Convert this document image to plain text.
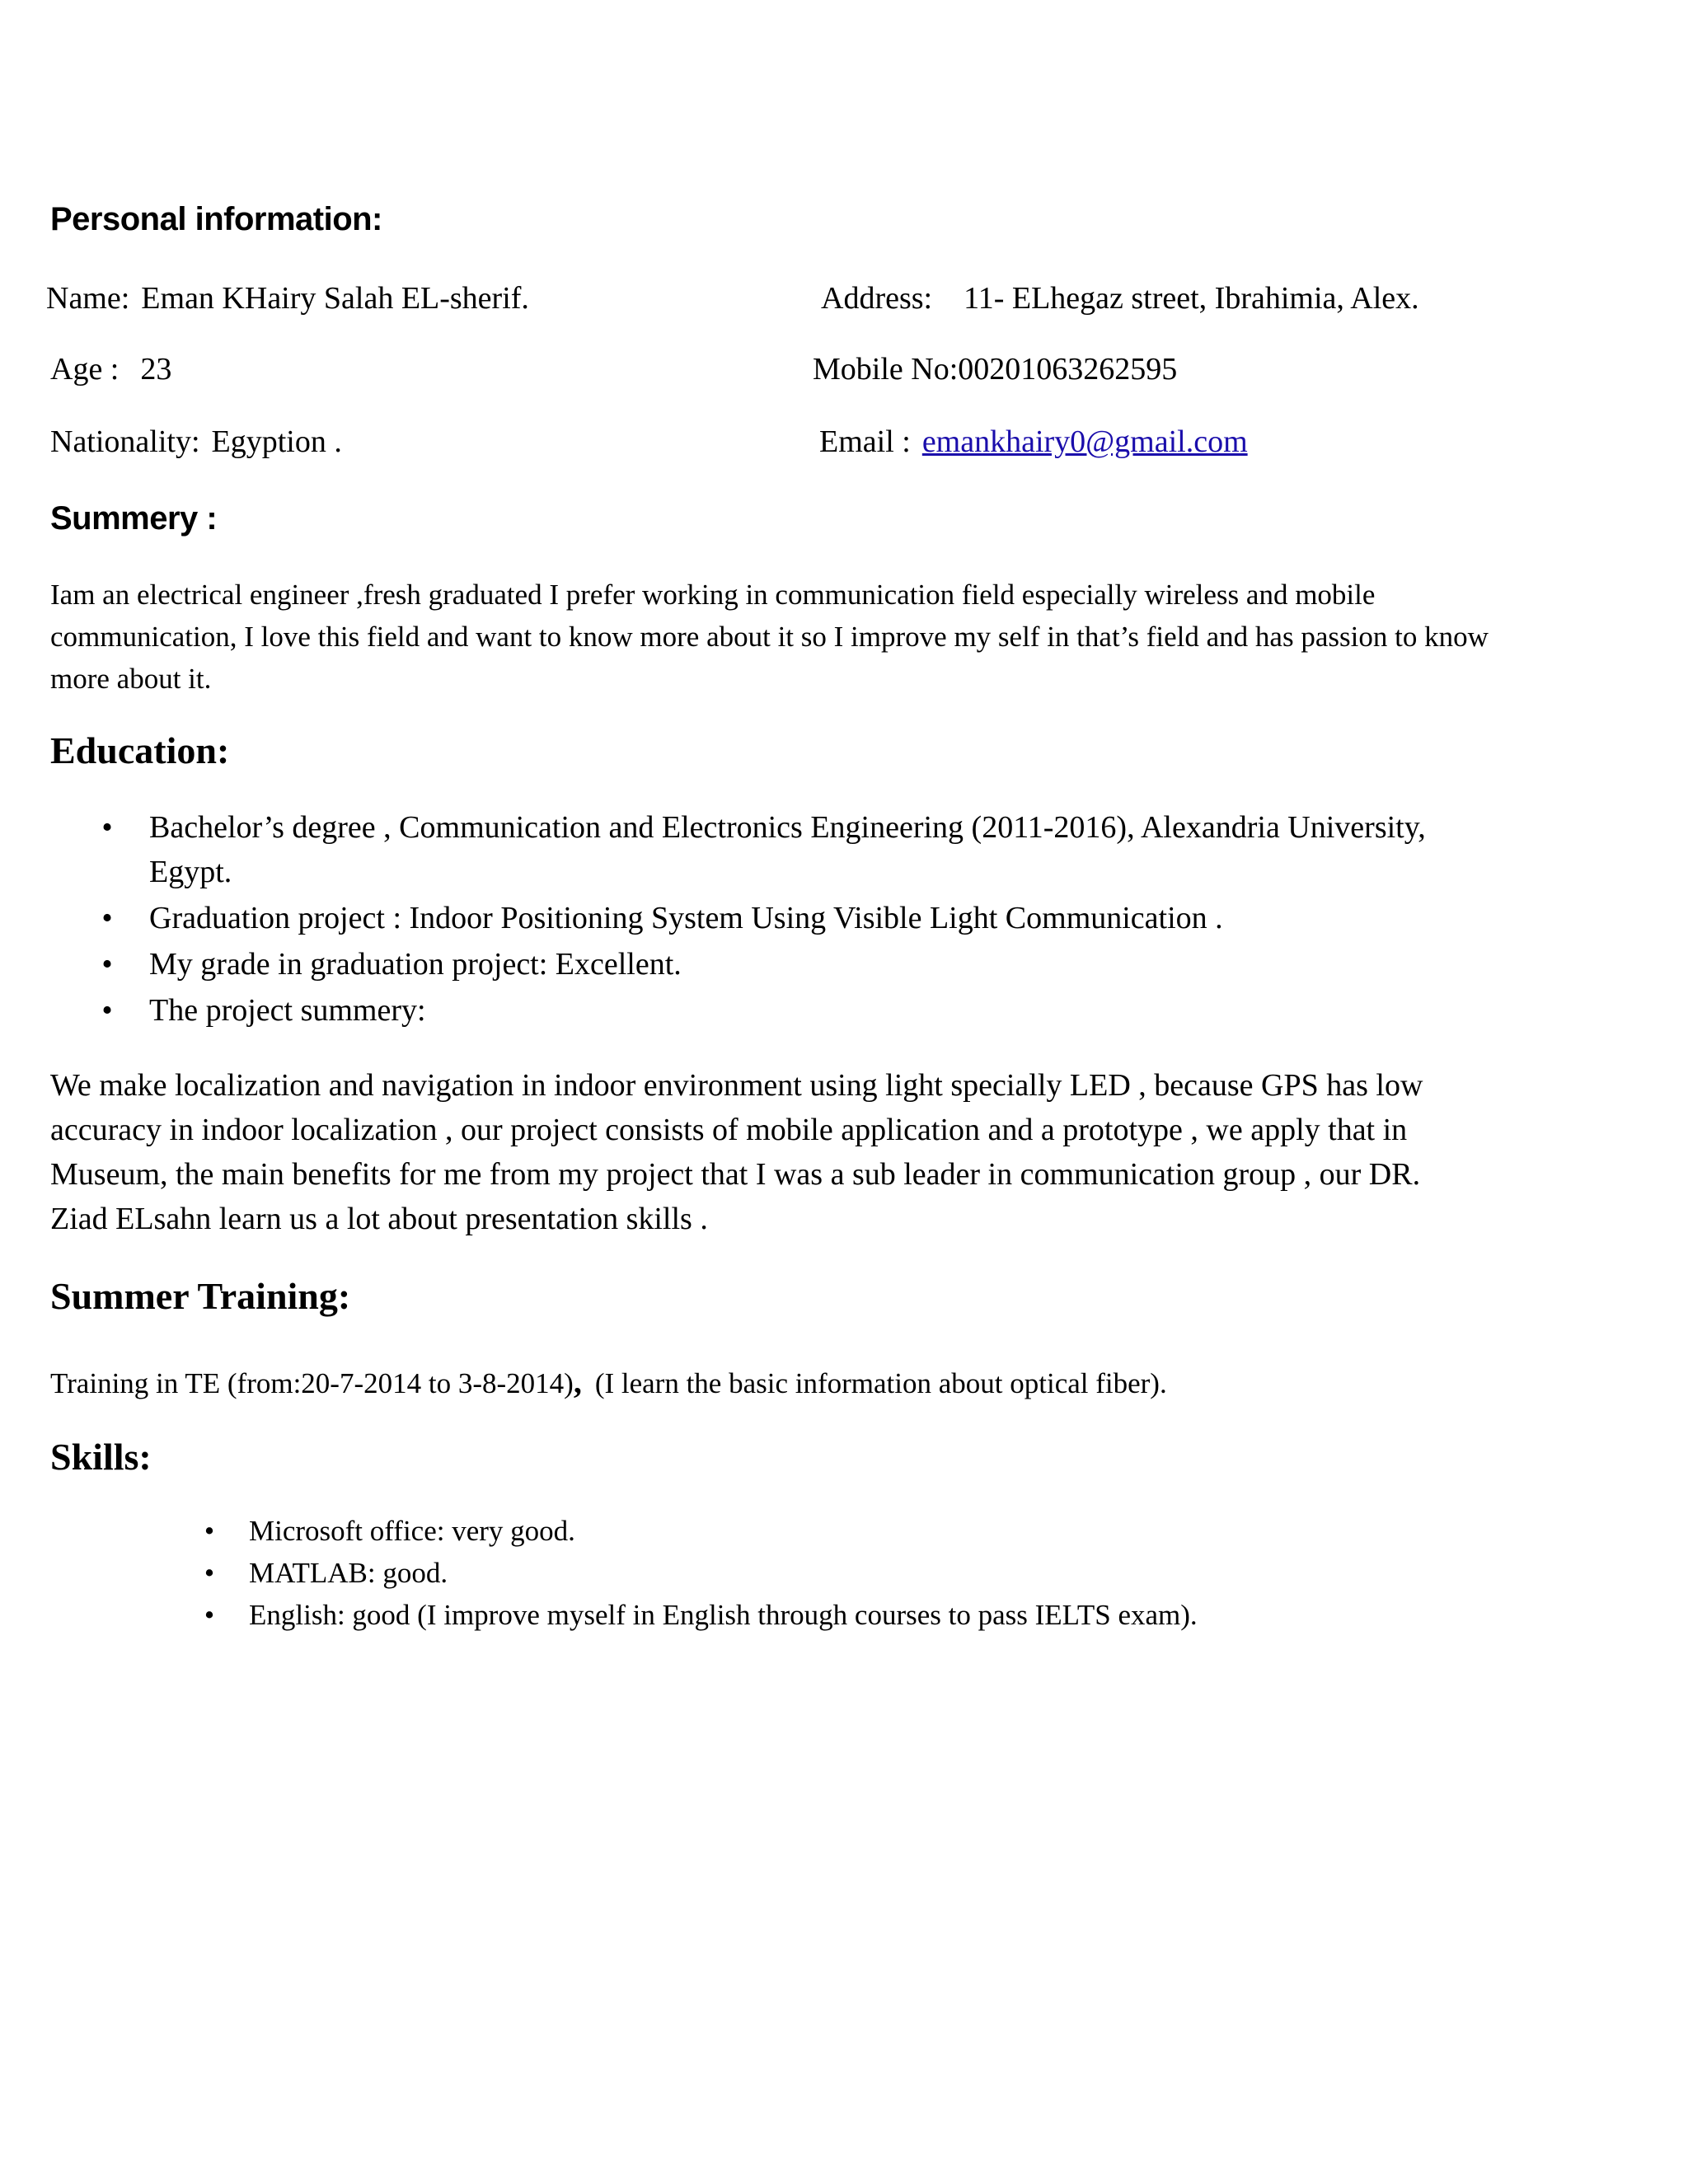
Personal information:
Name: Eman KHairy Salah EL-sherif.	Address: 11- ELhegaz street, Ibrahimia, Alex.
Age : 23	Mobile No:00201063262595
Nationality: Egyption .	Email : emankhairy0@gmail.com
Summery :
Iam an electrical engineer ,fresh graduated I prefer working in communication field especially wireless and mobile communication, I love this field and want to know more about it so I improve my self in that’s field and has passion to know more about it.
Education:
• Bachelor’s degree , Communication and Electronics Engineering (2011-2016), Alexandria University, Egypt.
• Graduation project : Indoor Positioning System Using Visible Light Communication .
• My grade in graduation project: Excellent.
• The project summery:
We make localization and navigation in indoor environment using light specially LED , because GPS has low accuracy in indoor localization , our project consists of mobile application and a prototype , we apply that in Museum, the main benefits for me from my project that I was a sub leader in communication group , our DR. Ziad ELsahn learn us a lot about presentation skills .
Summer Training:
Training in TE (from:20-7-2014 to 3-8-2014), (I learn the basic information about optical fiber).
Skills:
• Microsoft office: very good.
• MATLAB: good.
• English: good (I improve myself in English through courses to pass IELTS exam).
